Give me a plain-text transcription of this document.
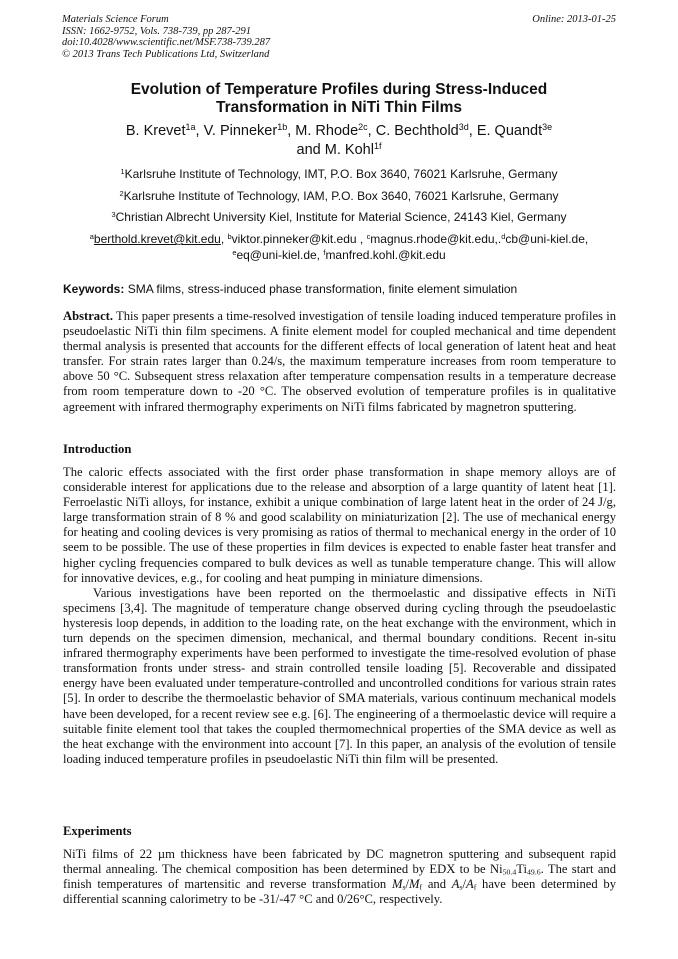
Materials Science Forum
ISSN: 1662-9752, Vols. 738-739, pp 287-291
doi:10.4028/www.scientific.net/MSF.738-739.287
© 2013 Trans Tech Publications Ltd, Switzerland
Online: 2013-01-25
Evolution of Temperature Profiles during Stress-Induced
Transformation in NiTi Thin Films
B. Krevet$^{1a}$, V. Pinneker$^{1b}$, M. Rhode$^{2c}$, C. Bechthold$^{3d}$, E. Quandt$^{3e}$
and M. Kohl$^{1f}$
$^1$Karlsruhe Institute of Technology, IMT, P.O. Box 3640, 76021 Karlsruhe, Germany
$^2$Karlsruhe Institute of Technology, IAM, P.O. Box 3640, 76021 Karlsruhe, Germany
$^3$Christian Albrecht University Kiel, Institute for Material Science, 24143 Kiel, Germany
$^a$berthold.krevet@kit.edu, $^b$viktor.pinneker@kit.edu , $^c$magnus.rhode@kit.edu,.$^d$cb@uni-kiel.de,
$^e$eq@uni-kiel.de, $^f$manfred.kohl.@kit.edu
Keywords: SMA films, stress-induced phase transformation, finite element simulation

Abstract. This paper presents a time-resolved investigation of tensile loading induced temperature profiles in pseudoelastic NiTi thin film specimens. A finite element model for coupled mechanical and time dependent thermal analysis is presented that accounts for the different effects of local generation of latent heat and heat transfer. For strain rates larger than 0.24/s, the maximum temperature increases from room temperature to above 50 °C. Subsequent stress relaxation after temperature compensation results in a temperature decrease from room temperature down to -20 °C. The observed evolution of temperature profiles is in qualitative agreement with infrared thermography experiments on NiTi films fabricated by magnetron sputtering.

Introduction

The caloric effects associated with the first order phase transformation in shape memory alloys are of considerable interest for applications due to the release and absorption of a large quantity of latent heat [1]. Ferroelastic NiTi alloys, for instance, exhibit a unique combination of large latent heat in the order of 24 J/g, large transformation strain of 8 % and good scalability on miniaturization [2]. The use of mechanical energy for heating and cooling devices is very promising as ratios of thermal to mechanical energy in the order of 10 seem to be possible. The use of these properties in film devices is expected to enable faster heat transfer and higher cycling frequencies compared to bulk devices as well as tunable temperature change. This will allow for innovative devices, e.g., for cooling and heat pumping in miniature dimensions.

Various investigations have been reported on the thermoelastic and dissipative effects in NiTi specimens [3,4]. The magnitude of temperature change observed during cycling through the pseudoelastic hysteresis loop depends, in addition to the loading rate, on the heat exchange with the environment, which in turn depends on the specimen dimension, mechanical, and thermal boundary conditions. Recent in-situ infrared thermography experiments have been performed to investigate the time-resolved evolution of phase transformation fronts under stress- and strain controlled tensile loading [5]. Recoverable and dissipated energy have been evaluated under temperature-controlled and uncontrolled conditions for various strain rates [5]. In order to describe the thermoelastic behavior of SMA materials, various continuum mechanical models have been developed, for a recent review see e.g. [6]. The engineering of a thermoelastic device will require a suitable finite element tool that takes the coupled thermomechnical properties of the SMA device as well as the heat exchange with the environment into account [7]. In this paper, an analysis of the evolution of tensile loading induced temperature profiles in pseudoelastic NiTi thin film will be presented.

Experiments

NiTi films of 22 µm thickness have been fabricated by DC magnetron sputtering and subsequent rapid thermal annealing. The chemical composition has been determined by EDX to be $Ni_{50.4}Ti_{49.6}$. The start and finish temperatures of martensitic and reverse transformation $M_s/M_f$ and $A_s/A_f$ have been determined by differential scanning calorimetry to be -31/-47 °C and 0/26°C, respectively.
